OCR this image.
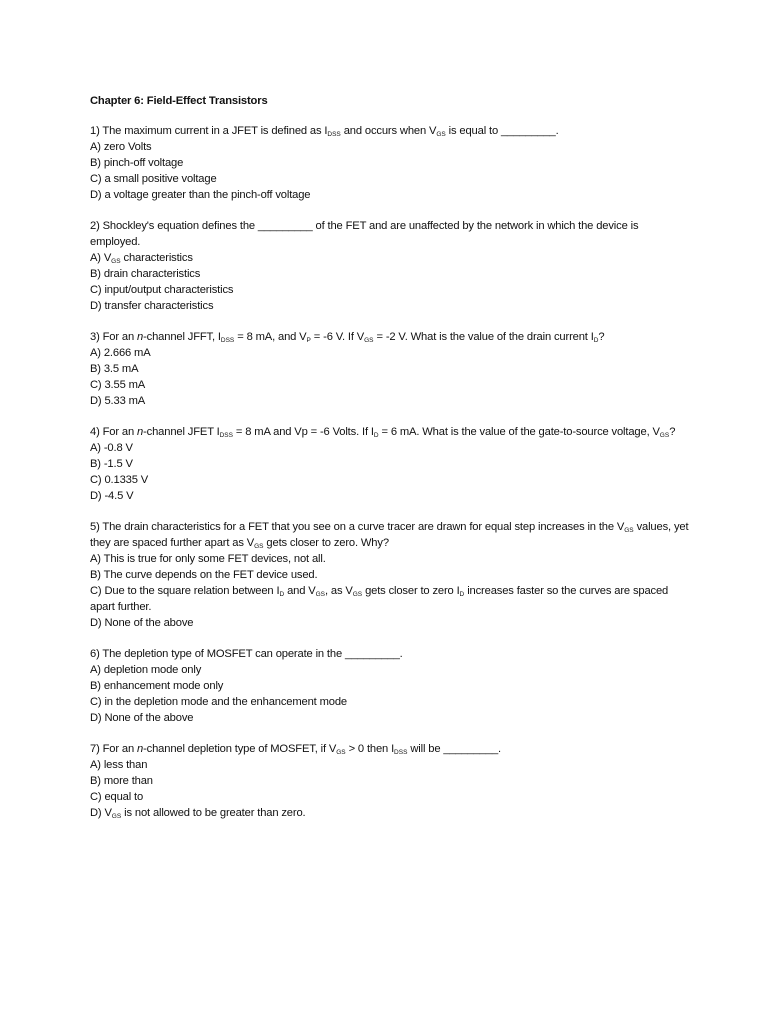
Chapter 6: Field-Effect Transistors
1) The maximum current in a JFET is defined as $I_{DSS}$ and occurs when $V_{GS}$ is equal to _________.
A) zero Volts
B) pinch-off voltage
C) a small positive voltage
D) a voltage greater than the pinch-off voltage
2) Shockley's equation defines the _________ of the FET and are unaffected by the network in which the device is employed.
A) $V_{GS}$ characteristics
B) drain characteristics
C) input/output characteristics
D) transfer characteristics
3) For an n-channel JFFT, $I_{DSS} = 8$ mA, and $V_P = -6$ V. If $V_{GS} = -2$ V. What is the value of the drain current $I_D$?
A) 2.666 mA
B) 3.5 mA
C) 3.55 mA
D) 5.33 mA
4) For an n-channel JFET $I_{DSS} = 8$ mA and Vp = -6 Volts. If $I_D = 6$ mA. What is the value of the gate-to-source voltage, $V_{GS}$?
A) -0.8 V
B) -1.5 V
C) 0.1335 V
D) -4.5 V
5) The drain characteristics for a FET that you see on a curve tracer are drawn for equal step increases in the $V_{GS}$ values, yet they are spaced further apart as $V_{GS}$ gets closer to zero. Why?
A) This is true for only some FET devices, not all.
B) The curve depends on the FET device used.
C) Due to the square relation between $I_D$ and $V_{GS}$, as $V_{GS}$ gets closer to zero $I_D$ increases faster so the curves are spaced apart further.
D) None of the above
6) The depletion type of MOSFET can operate in the _________.
A) depletion mode only
B) enhancement mode only
C) in the depletion mode and the enhancement mode
D) None of the above
7) For an n-channel depletion type of MOSFET, if $V_{GS} > 0$ then $I_{DSS}$ will be _________.
A) less than
B) more than
C) equal to
D) $V_{GS}$ is not allowed to be greater than zero.
